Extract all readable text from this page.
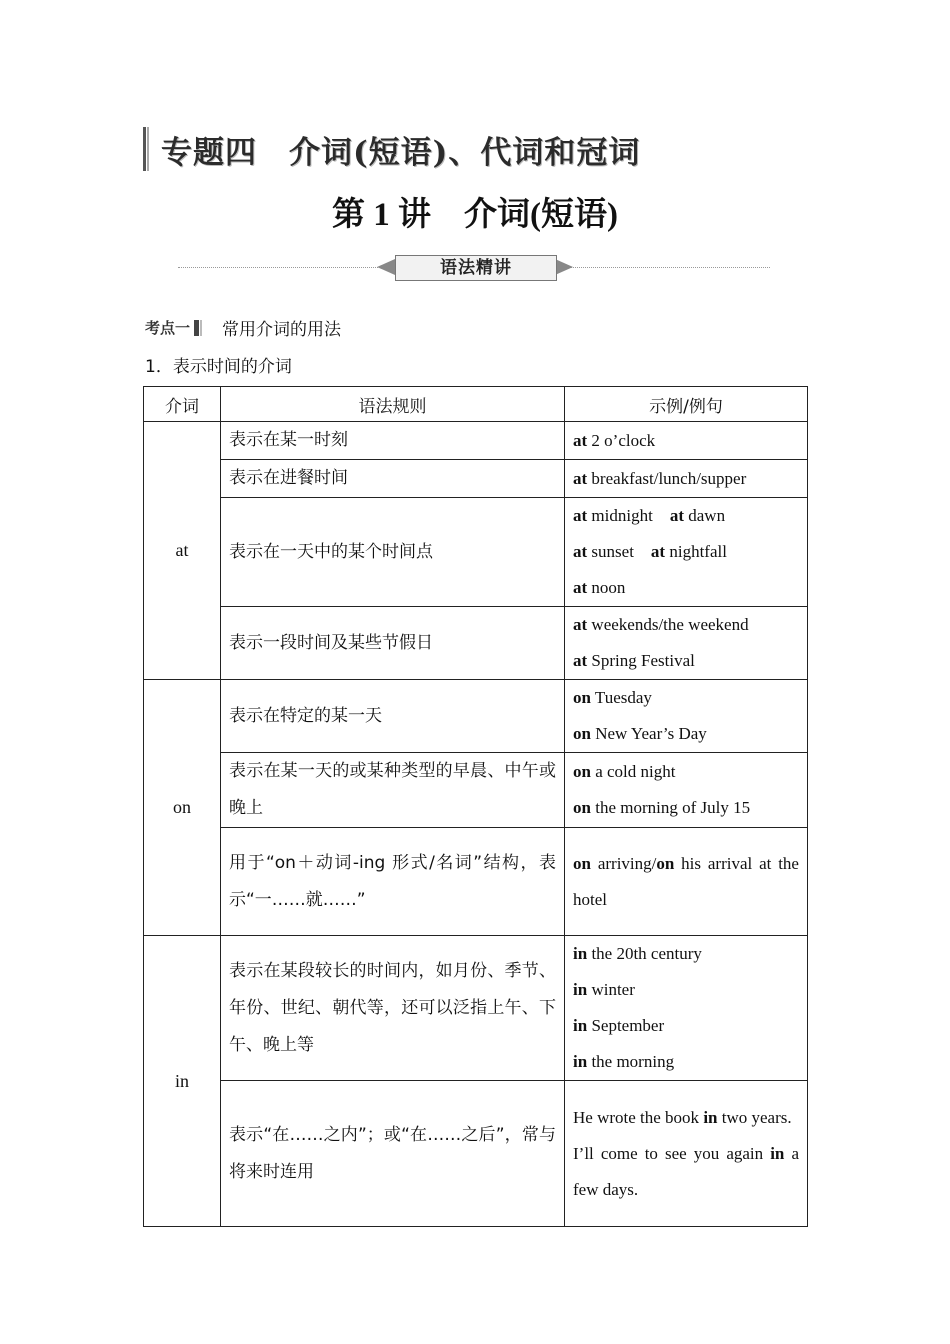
专题四　介词(短语)、代词和冠词
第 1 讲　介词(短语)
语法精讲
考点一 常用介词的用法
1．表示时间的介词
介词	语法规则	示例/例句
at	表示在某一时刻	at 2 o’clock

	表示在进餐时间	at breakfast/lunch/supper

	表示在一天中的某个时间点	at midnight at dawn
at sunset at nightfall
at noon

	表示一段时间及某些节假日	at weekends/the weekend
at Spring Festival

on	表示在特定的某一天	on Tuesday
on New Year’s Day

	表示在某一天的或某种类型的早晨、中午或晚上	on a cold night
on the morning of July 15

	用于“on＋动词-ing 形式/名词”结构，表示“一……就……”	on arriving/on his arrival at the hotel

in	表示在某段较长的时间内，如月份、季节、年份、世纪、朝代等，还可以泛指上午、下午、晚上等	in the 20th century
in winter
in September
in the morning

	表示“在……之内”；或“在……之后”，常与将来时连用	He wrote the book in two years.
I’ll come to see you again in a few days.
